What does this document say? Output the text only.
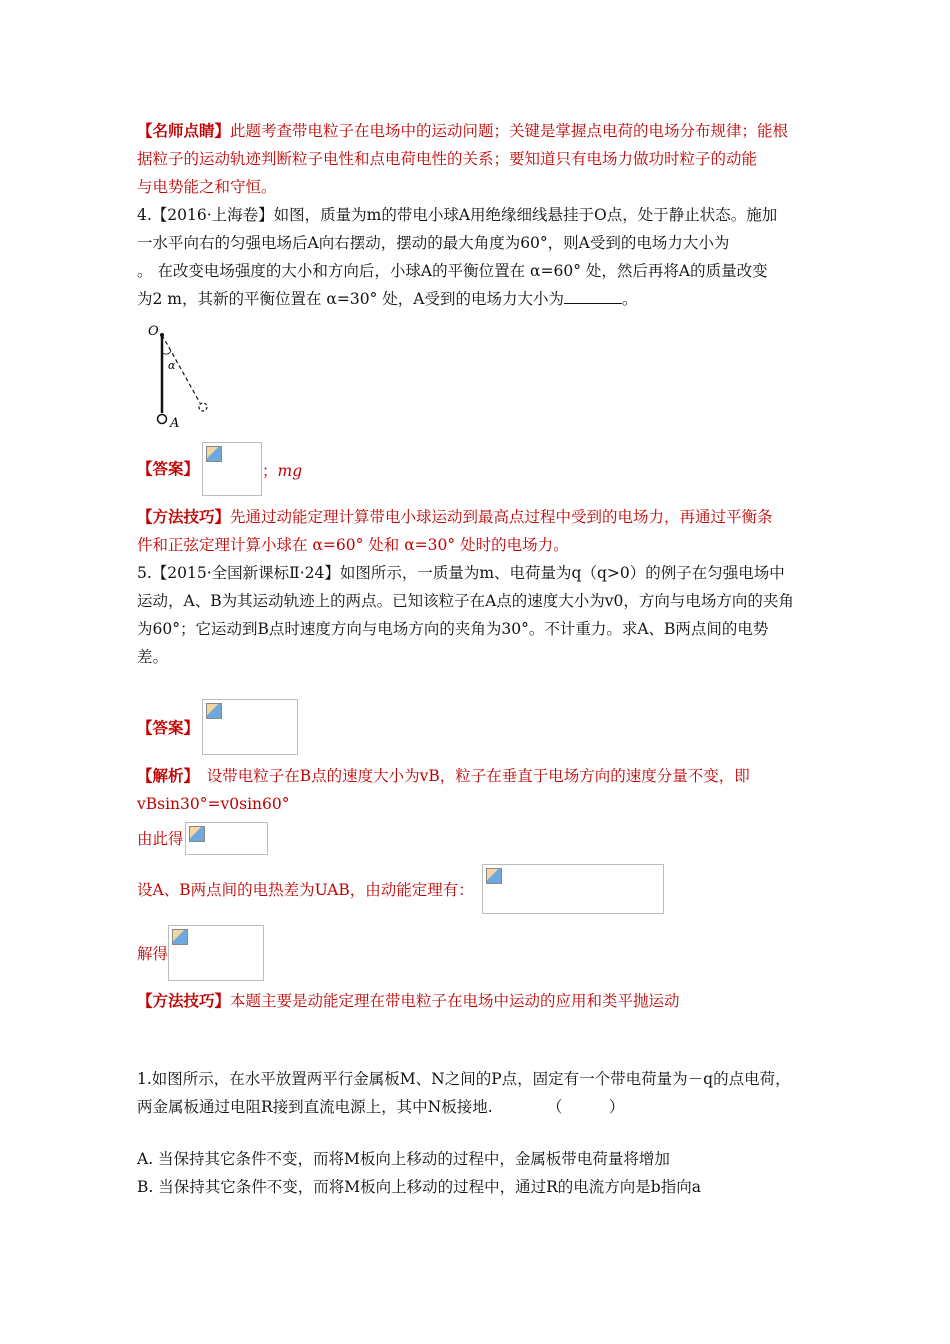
【名师点睛】此题考查带电粒子在电场中的运动问题；关键是掌握点电荷的电场分布规律；能根
据粒子的运动轨迹判断粒子电性和点电荷电性的关系；要知道只有电场力做功时粒子的动能
与电势能之和守恒。
4.【2016·上海卷】如图，质量为m的带电小球A用绝缘细线悬挂于O点，处于静止状态。施加
一水平向右的匀强电场后A向右摆动，摆动的最大角度为60°，则A受到的电场力大小为
。 在改变电场强度的大小和方向后，小球A的平衡位置在 α=60° 处，然后再将A的质量改变
为2 m，其新的平衡位置在 α=30° 处，A受到的电场力大小为	。
O
α
A
【答案】	；mg
【方法技巧】先通过动能定理计算带电小球运动到最高点过程中受到的电场力，再通过平衡条
件和正弦定理计算小球在 α=60° 处和 α=30° 处时的电场力。
5.【2015·全国新课标Ⅱ·24】如图所示，一质量为m、电荷量为q（q>0）的例子在匀强电场中
运动，A、B为其运动轨迹上的两点。已知该粒子在A点的速度大小为v0，方向与电场方向的夹角
为60°；它运动到B点时速度方向与电场方向的夹角为30°。不计重力。求A、B两点间的电势
差。
【答案】
【解析】　设带电粒子在B点的速度大小为vB，粒子在垂直于电场方向的速度分量不变，即
vBsin30°=v0sin60°
由此得
设A、B两点间的电热差为UAB，由动能定理有：
解得
【方法技巧】本题主要是动能定理在带电粒子在电场中运动的应用和类平抛运动
1.如图所示，在水平放置两平行金属板M、N之间的P点，固定有一个带电荷量为－q的点电荷，
两金属板通过电阻R接到直流电源上，其中N板接地.　　　　（　　　）
A. 当保持其它条件不变，而将M板向上移动的过程中，金属板带电荷量将增加
B. 当保持其它条件不变，而将M板向上移动的过程中，通过R的电流方向是b指向a
